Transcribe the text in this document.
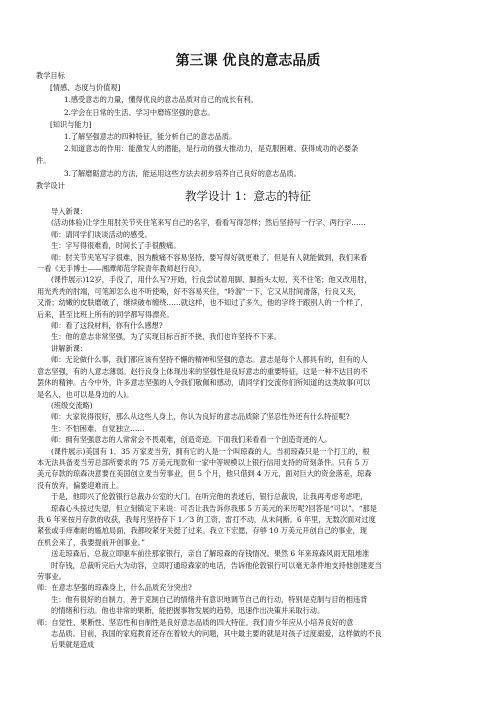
第三课 优良的意志品质
教学目标
[情感、态度与价值观]
1.感受意志的力量，懂得优良的意志品质对自己的成长有利。
2.学会在日常的生活、学习中磨练坚强的意志。
[知识与能力]
1.了解坚强意志的四种特征，能分析自己的意志品质。
2.知道意志的作用：能激发人的潜能，是行动的强大推动力，是克服困难、获得成功的必要条
件。
3.了解磨砺意志的方法，能运用这些方法去初步培养自己良好的意志品质。
教学设计
教学设计 1：意志的特征
导入新课：
(活动体验)让学生用肘关节夹住笔来写自己的名字，看看写得怎样；然后坚持写一行字、两行字……
师：请同学们谈谈活动的感受。
生：字写得很难看，时间长了手很酸痛。
师：肘关节夹笔写字很难，因为酸痛不容易坚持，要写得好就更难了，但是有人就能做到，我们来看
一看《无手博士——湘潭师范学院青年教师赵行良》。
(课件展示)12岁，手没了，用什么写?开始，行良尝试着用脚、脚指头太短，夹不住笔；他又改用肘，
用光秃秃的肘端，可笔卸怎么也不听使唤，好不容易夹住，“呤溜”一下，它又从肘间滑落，行良又夹，
又滑；幼嫩的皮肤磨破了，继续破布缠绕……就这样，也不知过了多久，他的字终于跟别人的一个样了，
后来，甚至比班上所有的同学都写得漂亮。
师：看了这段材料，你有什么感想?
生：他的意志非常坚强，为了实现目标百折不挠，我们也许坚持不下来。
讲解新课：
师：无论做什么事，我们都应该有坚持不懈的精神和坚强的意志。意志是每个人都具有的，但有的人
意志坚强，有的人意志薄弱。赵行良身上体现出来的坚强性是良好意志的重要特征，这是一种不达目的不
罢休的精神。古今中外，许多意志坚强的人令我们敬佩和感动，请同学们交流你们所知道的这类故事(可以
是名人，也可以是身边的人)。
(班级交流略)
师：大家说得很好，那么从这些人身上，你认为良好的意志品质除了坚忍性外还有什么特征呢?
生：不怕困难、自觉独立……
师：拥有坚强意志的人常常会不畏艰难，创造奇迹。下面我们来看看一个创造奇迹的人。
(课件展示)美国有 1．35 万家麦当劳，拥有它的人是一个叫琼森的人。当初琼森只是一个打工的，根
本无法具备麦当劳总部所要求的 75 万美元现款和一家中等规模以上银行信用支持的苛刻条件。只有 5 万
美元存款的琼森决意要在美国创立麦当劳事业，但 5 个月，他只借到 4 万元，面对巨大的资金落差，琼森
没有放弃，偏要迎难而上。
于是，他即兴了伦敦银行总裁办公室的大门。在听完他的表述后，银行总裁说，让我再考虑考虑吧，
琼森心头掠过失望，但立刻镇定下来说：可否让我告诉你我那 5 万美元的来历呢?回答是“可以”。“那是
我 6 年来按月存款的收获，我每月坚持存下 1／3 的工资，雷打不动，从未间断。6 年里，无数次面对过度
紧张或手痒难耐的尴尬局面，我都咬紧牙关挺了过来。我立下宏愿，存够 10 万美元开创自己的事业，现
在机会来了，我要提前开创事业。”
送走琼森后，总裁立即驱车前往那家银行，亲自了解琼森的存钱情况。果然 6 年来琼森风雨无阻地准
时存钱，总裁听完后大为动容，立即打通琼森家的电话，告诉他伦敦银行可以毫无条件地支持他创建麦当
劳事业。
师：在意志坚强的琼森身上，什么品质充分突出?
生：他有很好的自制力，善于克制自己的情绪并有意识地调节自己的行动，特别是克制与目的相违背
的情绪和行动。他也非常的果断，能把握事物发展的趋势，迅速作出决策并采取行动。
师：自觉性、果断性、坚忍性和自制性是良好意志品质的四大特征。我们青少年应从小培养良好的意
志品质。目前，我国的家庭教育还存在着较大的问题，其中最主要的就是对孩子过度溺爱，这样做的不良
后果就是造成
